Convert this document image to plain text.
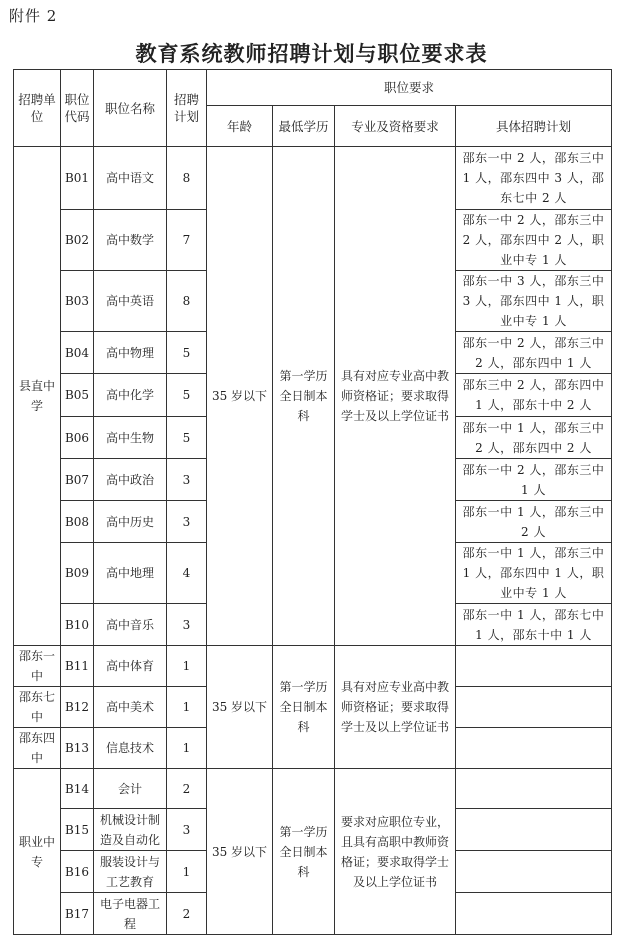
附件 2
教育系统教师招聘计划与职位要求表
招聘单位	职位代码	职位名称	招聘计划	职位要求			
				年龄	最低学历	专业及资格要求	具体招聘计划
县直中学	B01	高中语文	8	35 岁以下	第一学历全日制本科	具有对应专业高中教师资格证；要求取得学士及以上学位证书	邵东一中 2 人，邵东三中 1 人，邵东四中 3 人，邵东七中 2 人
	B02	高中数学	7				邵东一中 2 人，邵东三中 2 人，邵东四中 2 人，职业中专 1 人
	B03	高中英语	8				邵东一中 3 人，邵东三中 3 人，邵东四中 1 人，职业中专 1 人
	B04	高中物理	5				邵东一中 2 人，邵东三中 2 人，邵东四中 1 人
	B05	高中化学	5				邵东三中 2 人，邵东四中 1 人，邵东十中 2 人
	B06	高中生物	5				邵东一中 1 人，邵东三中 2 人，邵东四中 2 人
	B07	高中政治	3				邵东一中 2 人，邵东三中 1 人
	B08	高中历史	3				邵东一中 1 人，邵东三中 2 人
	B09	高中地理	4				邵东一中 1 人，邵东三中 1 人，邵东四中 1 人，职业中专 1 人
	B10	高中音乐	3				邵东一中 1 人，邵东七中 1 人，邵东十中 1 人
邵东一中	B11	高中体育	1	35 岁以下	第一学历全日制本科	具有对应专业高中教师资格证；要求取得学士及以上学位证书	
邵东七中	B12	高中美术	1				
邵东四中	B13	信息技术	1				
职业中专	B14	会计	2	35 岁以下	第一学历全日制本科	要求对应职位专业，且具有高职中教师资格证；要求取得学士及以上学位证书	
	B15	机械设计制造及自动化	3				
	B16	服装设计与工艺教育	1				
	B17	电子电器工程	2				
